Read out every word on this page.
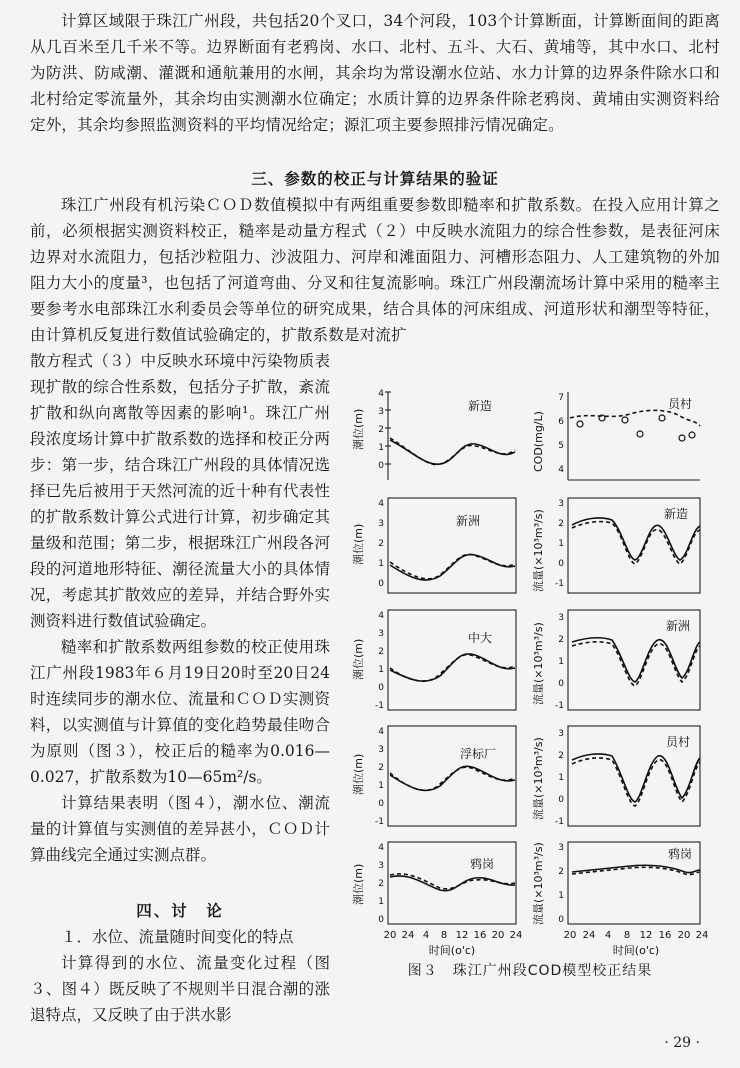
计算区域限于珠江广州段，共包括20个叉口，34个河段，103个计算断面，计算断面间的距离从几百米至几千米不等。边界断面有老鸦岗、水口、北村、五斗、大石、黄埔等，其中水口、北村为防洪、防咸潮、灌溉和通航兼用的水闸，其余均为常设潮水位站、水力计算的边界条件除水口和北村给定零流量外，其余均由实测潮水位确定；水质计算的边界条件除老鸦岗、黄埔由实测资料给定外，其余均参照监测资料的平均情况给定；源汇项主要参照排污情况确定。

三、参数的校正与计算结果的验证

珠江广州段有机污染ＣＯＤ数值模拟中有两组重要参数即糙率和扩散系数。在投入应用计算之前，必须根据实测资料校正，糙率是动量方程式（２）中反映水流阻力的综合性参数，是表征河床边界对水流阻力，包括沙粒阻力、沙波阻力、河岸和滩面阻力、河槽形态阻力、人工建筑物的外加阻力大小的度量³，也包括了河道弯曲、分叉和往复流影响。珠江广州段潮流场计算中采用的糙率主要参考水电部珠江水利委员会等单位的研究成果，结合具体的河床组成、河道形状和潮型等特征，由计算机反复进行数值试验确定的，扩散系数是对流扩

散方程式（３）中反映水环境中污染物质表现扩散的综合性系数，包括分子扩散，紊流扩散和纵向离散等因素的影响¹。珠江广州段浓度场计算中扩散系数的选择和校正分两步：第一步，结合珠江广州段的具体情况选择已先后被用于天然河流的近十种有代表性的扩散系数计算公式进行计算，初步确定其量级和范围；第二步，根据珠江广州段各河段的河道地形特征、潮径流量大小的具体情况，考虑其扩散效应的差异，并结合野外实测资料进行数值试验确定。

糙率和扩散系数两组参数的校正使用珠江广州段1983年６月19日20时至20日24时连续同步的潮水位、流量和ＣＯＤ实测资料，以实测值与计算值的变化趋势最佳吻合为原则（图３），校正后的糙率为0.016—0.027，扩散系数为10—65m²/s。

计算结果表明（图４），潮水位、潮流量的计算值与实测值的差异甚小，ＣＯＤ计算曲线完全通过实测点群。

四、讨　论

１．水位、流量随时间变化的特点

计算得到的水位、流量变化过程（图３、图４）既反映了不规则半日混合潮的涨退特点，又反映了由于洪水影

新造
新洲
中大
浮标厂
鸦岗
员村
新造
新洲
员村
鸦岗
潮位(m)
潮位(m)
潮位(m)
潮位(m)
潮位(m)
COD(mg/L)
流量(×10³m³/s)
流量(×10³m³/s)
流量(×10³m³/s)
流量(×10³m³/s)
4
3
2
1
0
4
3
2
1
0
4
3
2
1
0
-1
4
3
2
1
0
-1
4
3
2
1
0
7
6
5
4
3
2
1
0
-1
3
2
1
0
-1
3
2
1
0
-1
3
2
1
0
20 24 4 8 12 16 20 24	20 24 4 8 12 16 20 24
时间(o'c)	时间(o'c)
图３　珠江广州段COD模型校正结果
· 29 ·
